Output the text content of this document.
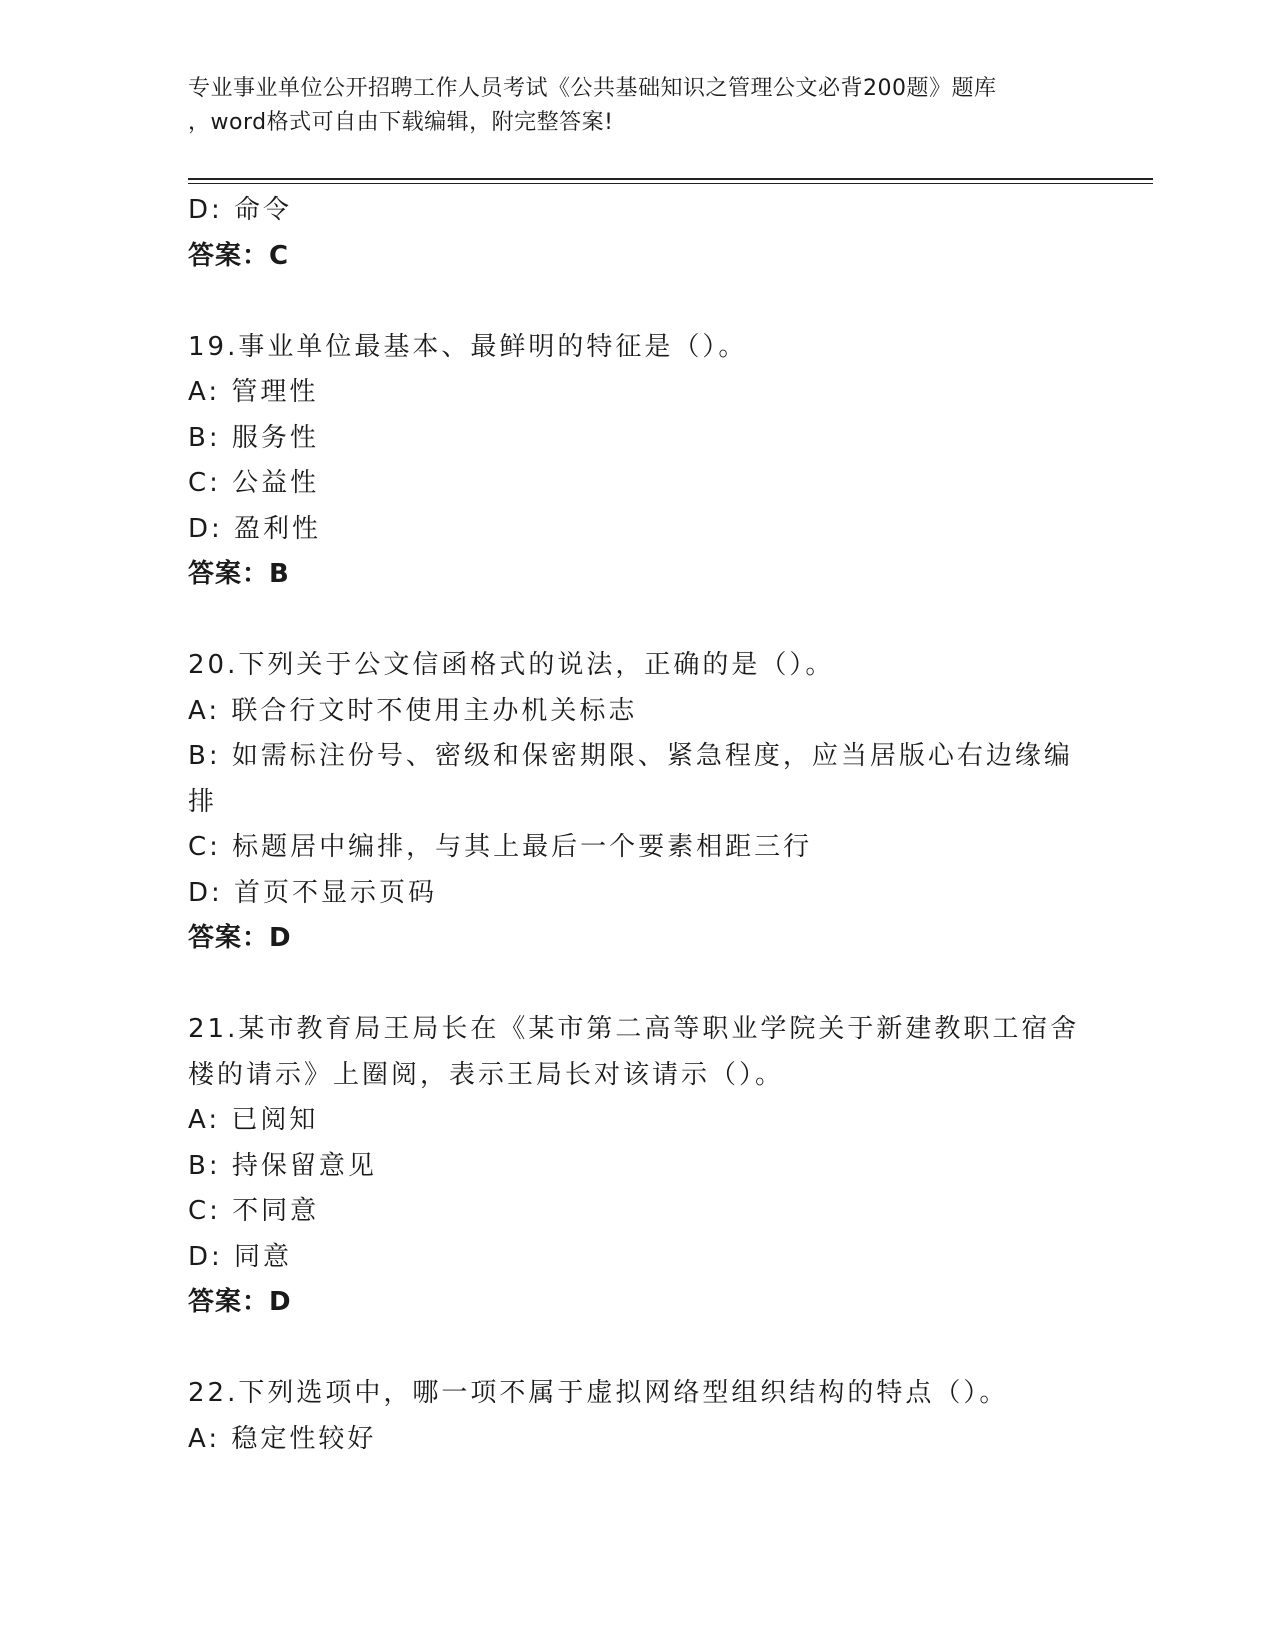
专业事业单位公开招聘工作人员考试《公共基础知识之管理公文必背200题》题库
，word格式可自由下载编辑，附完整答案!
D: 命令
答案：C
19.事业单位最基本、最鲜明的特征是（）。
A: 管理性
B: 服务性
C: 公益性
D: 盈利性
答案：B
20.下列关于公文信函格式的说法，正确的是（）。
A: 联合行文时不使用主办机关标志
B: 如需标注份号、密级和保密期限、紧急程度，应当居版心右边缘编
排
C: 标题居中编排，与其上最后一个要素相距三行
D: 首页不显示页码
答案：D
21.某市教育局王局长在《某市第二高等职业学院关于新建教职工宿舍
楼的请示》上圈阅，表示王局长对该请示（）。
A: 已阅知
B: 持保留意见
C: 不同意
D: 同意
答案：D
22.下列选项中，哪一项不属于虚拟网络型组织结构的特点（）。
A: 稳定性较好
